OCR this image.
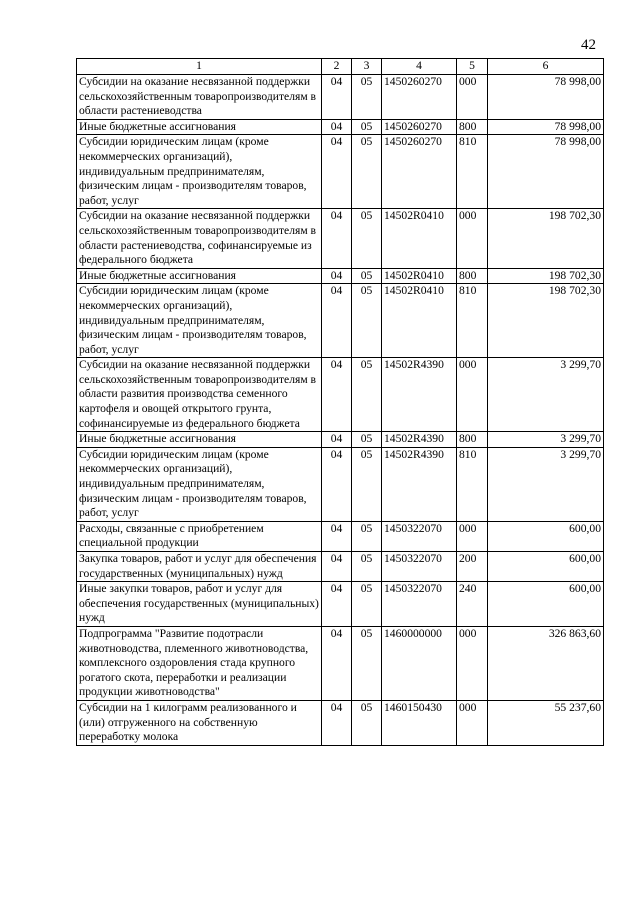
42
1	2	3	4	5	6
Субсидии на оказание несвязанной поддержки сельскохозяйственным товаропроизводителям в области растениеводства	04	05	1450260270	000	78 998,00
Иные бюджетные ассигнования	04	05	1450260270	800	78 998,00
Субсидии юридическим лицам (кроме некоммерческих организаций), индивидуальным предпринимателям, физическим лицам - производителям товаров, работ, услуг	04	05	1450260270	810	78 998,00
Субсидии на оказание несвязанной поддержки сельскохозяйственным товаропроизводителям в области растениеводства, софинансируемые из федерального бюджета	04	05	14502R0410	000	198 702,30
Иные бюджетные ассигнования	04	05	14502R0410	800	198 702,30
Субсидии юридическим лицам (кроме некоммерческих организаций), индивидуальным предпринимателям, физическим лицам - производителям товаров, работ, услуг	04	05	14502R0410	810	198 702,30
Субсидии на оказание несвязанной поддержки сельскохозяйственным товаропроизводителям в области развития производства семенного картофеля и овощей открытого грунта, софинансируемые из федерального бюджета	04	05	14502R4390	000	3 299,70
Иные бюджетные ассигнования	04	05	14502R4390	800	3 299,70
Субсидии юридическим лицам (кроме некоммерческих организаций), индивидуальным предпринимателям, физическим лицам - производителям товаров, работ, услуг	04	05	14502R4390	810	3 299,70
Расходы, связанные с приобретением специальной продукции	04	05	1450322070	000	600,00
Закупка товаров, работ и услуг для обеспечения государственных (муниципальных) нужд	04	05	1450322070	200	600,00
Иные закупки товаров, работ и услуг для обеспечения государственных (муниципальных) нужд	04	05	1450322070	240	600,00
Подпрограмма "Развитие подотрасли животноводства, племенного животноводства, комплексного оздоровления стада крупного рогатого скота, переработки и реализации продукции животноводства"	04	05	1460000000	000	326 863,60
Субсидии на 1 килограмм реализованного и (или) отгруженного на собственную переработку молока	04	05	1460150430	000	55 237,60
